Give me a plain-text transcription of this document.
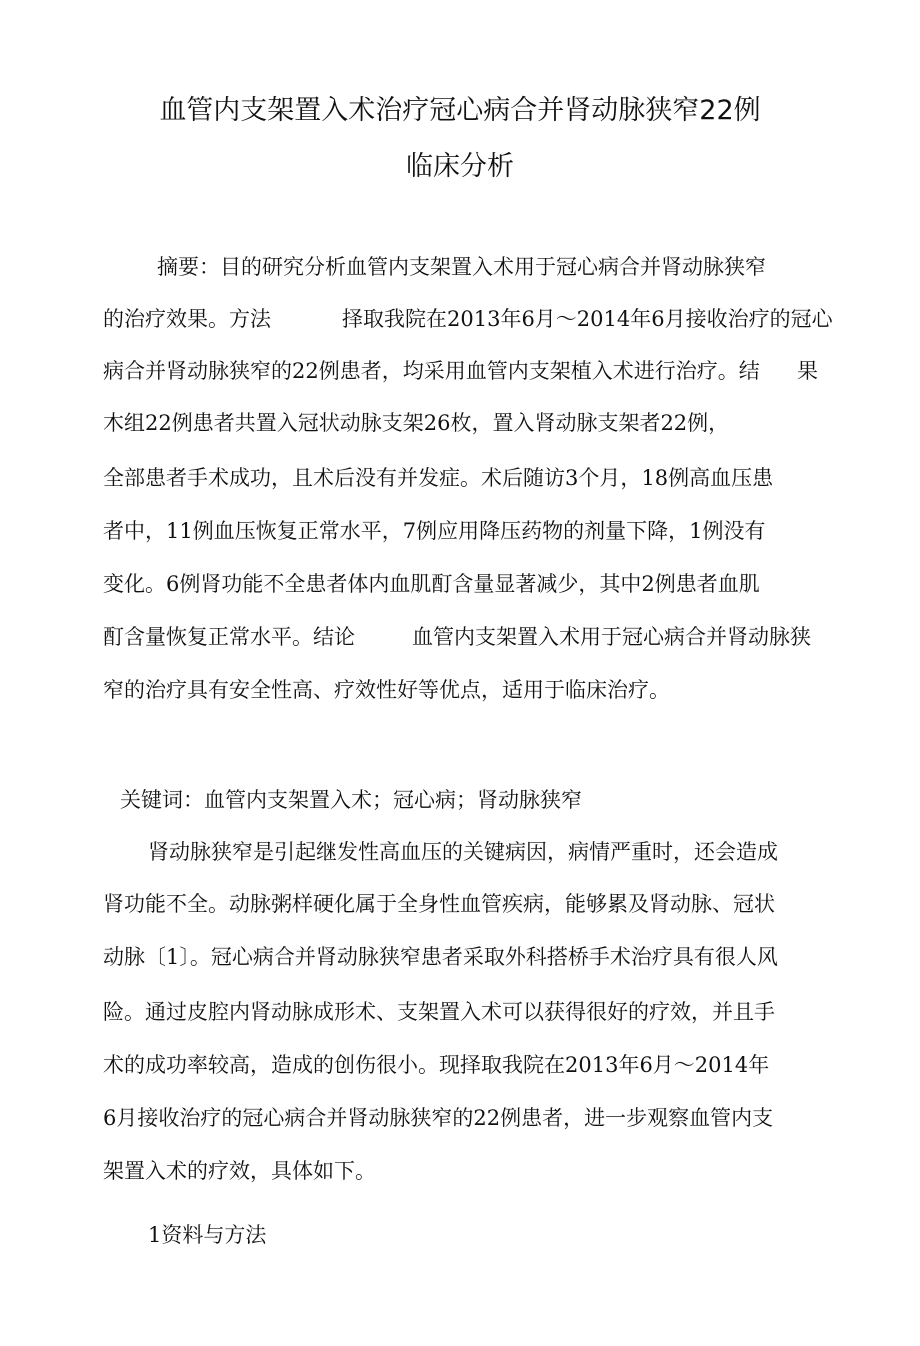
血管内支架置入术治疗冠心病合并肾动脉狭窄22例
临床分析
摘要：目的研究分析血管内支架置入术用于冠心病合并肾动脉狭窄
的治疗效果。方法	择取我院在2013年6月～2014年6月接收治疗的冠心
病合并肾动脉狭窄的22例患者，均采用血管内支架植入术进行治疗。结 果
木组22例患者共置入冠状动脉支架26枚，置入肾动脉支架者22例，
全部患者手术成功，且术后没有并发症。术后随访3个月，18例高血压患
者中，11例血压恢复正常水平，7例应用降压药物的剂量下降，1例没有
变化。6例肾功能不全患者体内血肌酊含量显著减少，其中2例患者血肌
酊含量恢复正常水平。结论	血管内支架置入术用于冠心病合并肾动脉狭
窄的治疗具有安全性高、疗效性好等优点，适用于临床治疗。
关键词：血管内支架置入术；冠心病；肾动脉狭窄
肾动脉狭窄是引起继发性高血压的关键病因，病情严重时，还会造成
肾功能不全。动脉粥样硬化属于全身性血管疾病，能够累及肾动脉、冠状
动脉〔1〕。冠心病合并肾动脉狭窄患者采取外科搭桥手术治疗具有很人风
险。通过皮腔内肾动脉成形术、支架置入术可以获得很好的疗效，并且手
术的成功率较高，造成的创伤很小。现择取我院在2013年6月～2014年
6月接收治疗的冠心病合并肾动脉狭窄的22例患者，进一步观察血管内支
架置入术的疗效，具体如下。
1资料与方法
